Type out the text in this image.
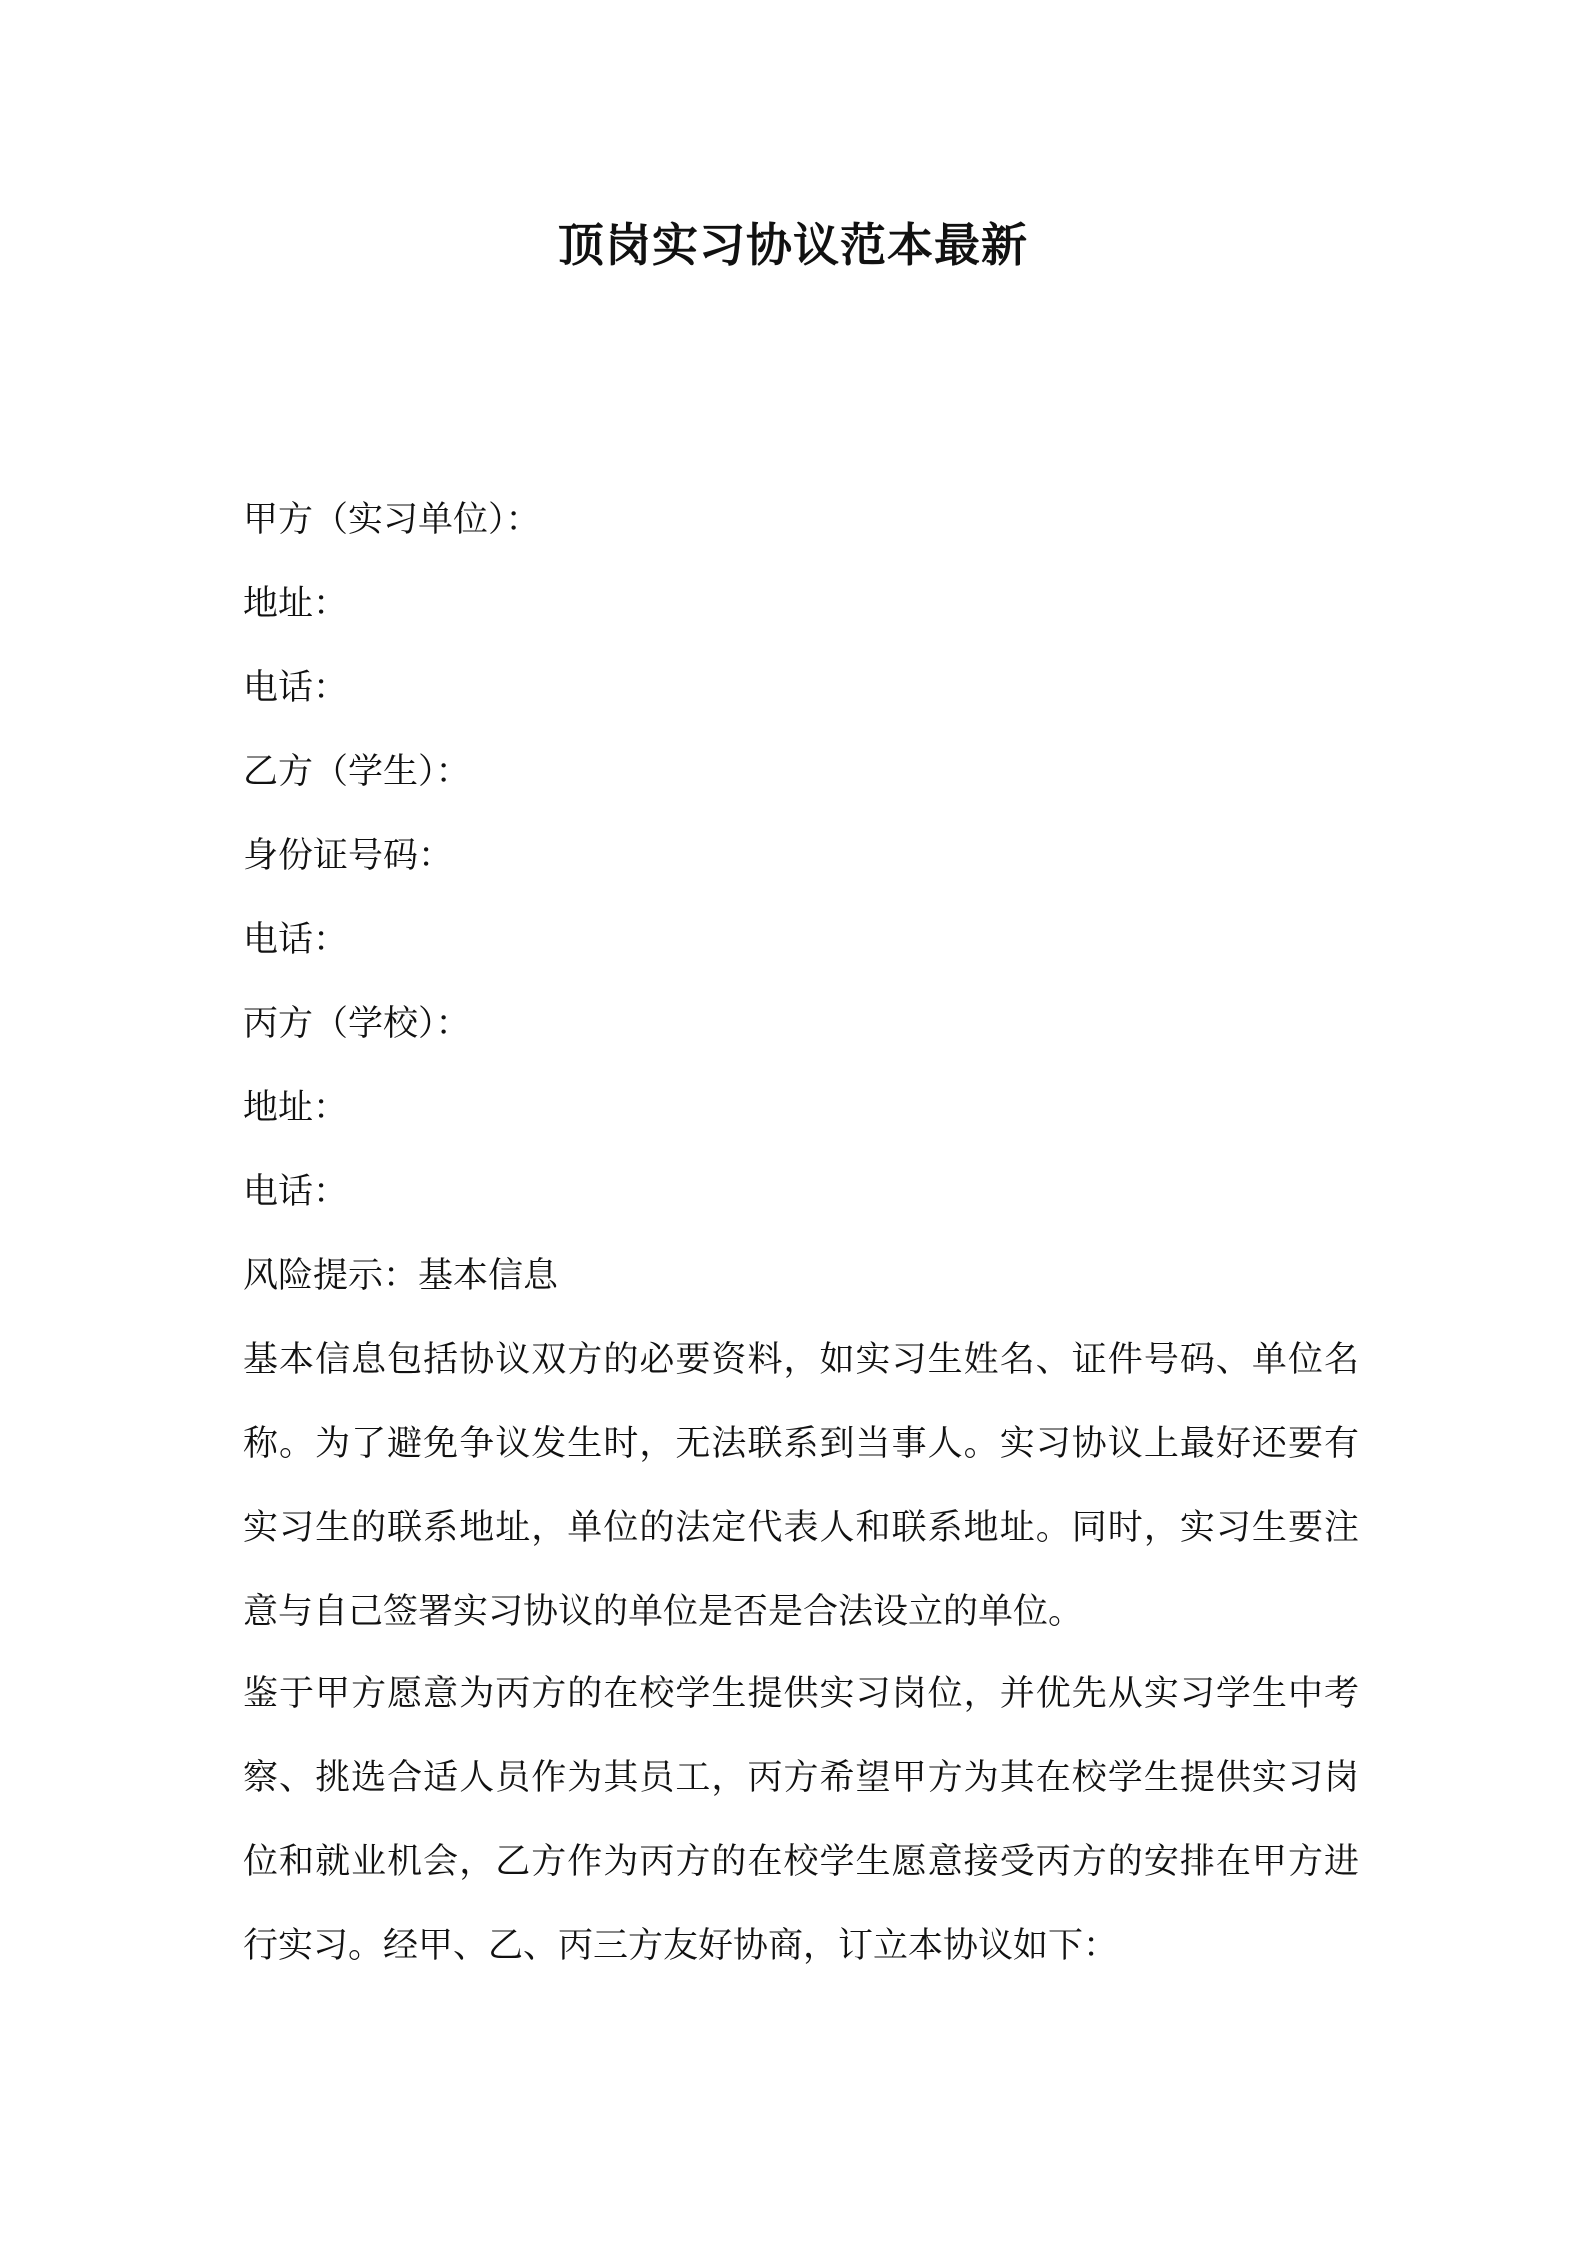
顶岗实习协议范本最新
甲方（实习单位）：
地址：
电话：
乙方（学生）：
身份证号码：
电话：
丙方（学校）：
地址：
电话：
风险提示：基本信息

基本信息包括协议双方的必要资料，如实习生姓名、证件号码、单位名称。为了避免争议发生时，无法联系到当事人。实习协议上最好还要有实习生的联系地址，单位的法定代表人和联系地址。同时，实习生要注意与自己签署实习协议的单位是否是合法设立的单位。

鉴于甲方愿意为丙方的在校学生提供实习岗位，并优先从实习学生中考察、挑选合适人员作为其员工，丙方希望甲方为其在校学生提供实习岗位和就业机会，乙方作为丙方的在校学生愿意接受丙方的安排在甲方进行实习。经甲、乙、丙三方友好协商，订立本协议如下：
